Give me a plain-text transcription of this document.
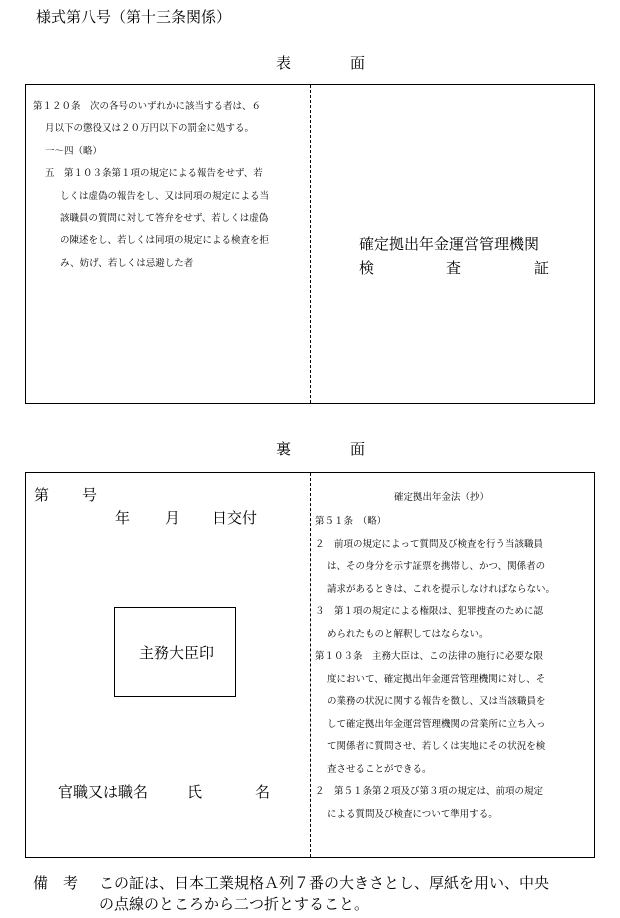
様式第八号（第十三条関係）
表　面
第１２０条　次の各号のいずれかに該当する者は、６
月以下の懲役又は２０万円以下の罰金に処する。
一～四（略）
五　第１０３条第１項の規定による報告をせず、若
しくは虚偽の報告をし、又は同項の規定による当
該職員の質問に対して答弁をせず、若しくは虚偽
の陳述をし、若しくは同項の規定による検査を拒
み、妨げ、若しくは忌避した者
確定拠出年金運営管理機関
検	査	証
裏　面
第 号
年 月 日交付
主務大臣印
官職又は職名	氏	名
確定拠出年金法（抄）
第５１条　（略）
２　前項の規定によって質問及び検査を行う当該職員
は、その身分を示す証票を携帯し、かつ、関係者の
請求があるときは、これを提示しなければならない。
３　第１項の規定による権限は、犯罪捜査のために認
められたものと解釈してはならない。
第１０３条　主務大臣は、この法律の施行に必要な限
度において、確定拠出年金運営管理機関に対し、そ
の業務の状況に関する報告を徴し、又は当該職員を
して確定拠出年金運営管理機関の営業所に立ち入っ
て関係者に質問させ、若しくは実地にその状況を検
査させることができる。
２　第５１条第２項及び第３項の規定は、前項の規定
による質問及び検査について準用する。
備　考 この証は、日本工業規格Ａ列７番の大きさとし、厚紙を用い、中央
の点線のところから二つ折とすること。
